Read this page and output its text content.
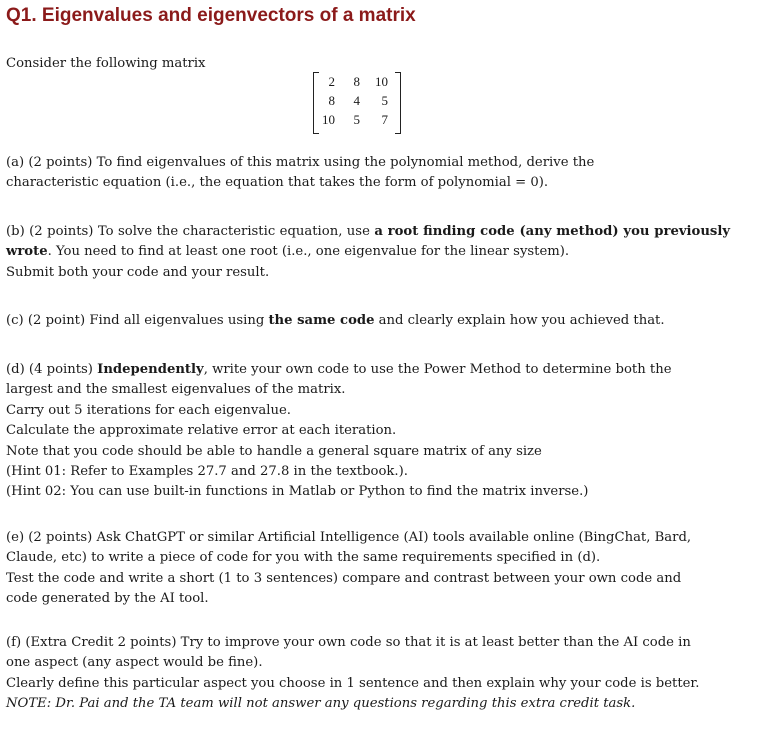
Q1. Eigenvalues and eigenvectors of a matrix

Consider the following matrix

2	8	10
8	4	5
10	5	7
(a) (2 points) To find eigenvalues of this matrix using the polynomial method, derive the
characteristic equation (i.e., the equation that takes the form of polynomial = 0).
(b) (2 points) To solve the characteristic equation, use a root finding code (any method) you previously wrote. You need to find at least one root (i.e., one eigenvalue for the linear system).
Submit both your code and your result.
(c) (2 point) Find all eigenvalues using the same code and clearly explain how you achieved that.
(d) (4 points) Independently, write your own code to use the Power Method to determine both the
largest and the smallest eigenvalues of the matrix.
Carry out 5 iterations for each eigenvalue.
Calculate the approximate relative error at each iteration.
Note that you code should be able to handle a general square matrix of any size
(Hint 01: Refer to Examples 27.7 and 27.8 in the textbook.).
(Hint 02: You can use built-in functions in Matlab or Python to find the matrix inverse.)
(e) (2 points) Ask ChatGPT or similar Artificial Intelligence (AI) tools available online (BingChat, Bard,
Claude, etc) to write a piece of code for you with the same requirements specified in (d).
Test the code and write a short (1 to 3 sentences) compare and contrast between your own code and
code generated by the AI tool.
(f) (Extra Credit 2 points) Try to improve your own code so that it is at least better than the AI code in
one aspect (any aspect would be fine).
Clearly define this particular aspect you choose in 1 sentence and then explain why your code is better.
NOTE: Dr. Pai and the TA team will not answer any questions regarding this extra credit task.
